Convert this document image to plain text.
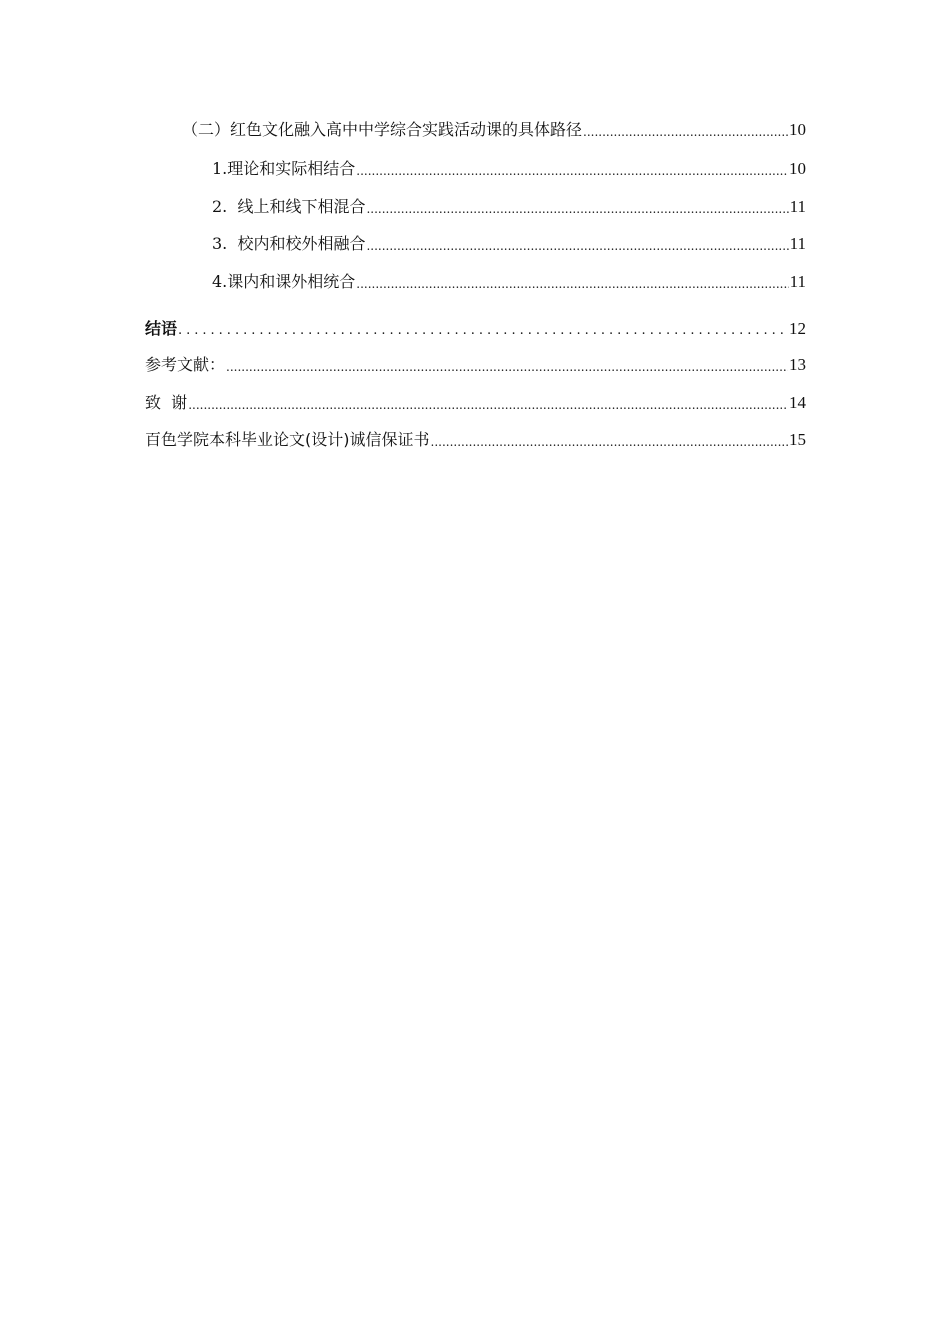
（二）红色文化融入高中中学综合实践活动课的具体路径 .....	10
1.理论和实际相结合 .....	10
2.  线上和线下相混合 .....	11
3.  校内和校外相融合 .....	11
4.课内和课外相统合 .....	11
结语 .....	12
参考文献： .....	13
致  谢 .....	14
百色学院本科毕业论文(设计)诚信保证书 .....	15
